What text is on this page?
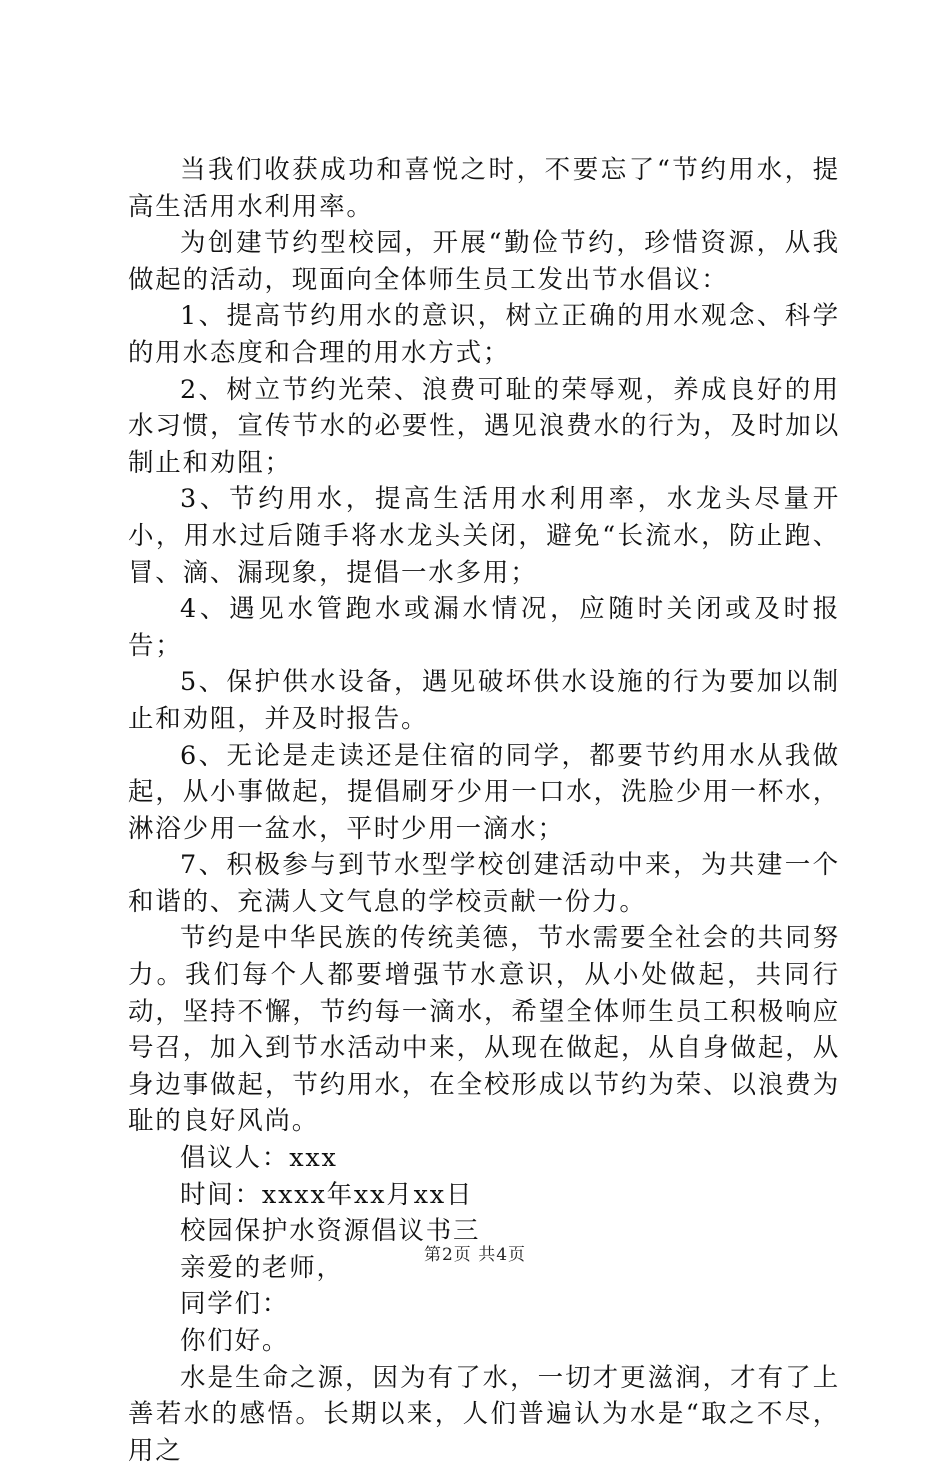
当我们收获成功和喜悦之时，不要忘了“节约用水，提高生活用水利用率。

为创建节约型校园，开展“勤俭节约，珍惜资源，从我做起的活动，现面向全体师生员工发出节水倡议：

1、提高节约用水的意识，树立正确的用水观念、科学的用水态度和合理的用水方式；

2、树立节约光荣、浪费可耻的荣辱观，养成良好的用水习惯，宣传节水的必要性，遇见浪费水的行为，及时加以制止和劝阻；

3、节约用水，提高生活用水利用率，水龙头尽量开小，用水过后随手将水龙头关闭，避免“长流水，防止跑、冒、滴、漏现象，提倡一水多用；

4、遇见水管跑水或漏水情况，应随时关闭或及时报告；

5、保护供水设备，遇见破坏供水设施的行为要加以制止和劝阻，并及时报告。

6、无论是走读还是住宿的同学，都要节约用水从我做起，从小事做起，提倡刷牙少用一口水，洗脸少用一杯水，淋浴少用一盆水，平时少用一滴水；

7、积极参与到节水型学校创建活动中来，为共建一个和谐的、充满人文气息的学校贡献一份力。

节约是中华民族的传统美德，节水需要全社会的共同努力。我们每个人都要增强节水意识，从小处做起，共同行动，坚持不懈，节约每一滴水，希望全体师生员工积极响应号召，加入到节水活动中来，从现在做起，从自身做起，从身边事做起，节约用水，在全校形成以节约为荣、以浪费为耻的良好风尚。

倡议人：xxx

时间：xxxx年xx月xx日

校园保护水资源倡议书三

亲爱的老师，

同学们：

你们好。

水是生命之源，因为有了水，一切才更滋润，才有了上善若水的感悟。长期以来，人们普遍认为水是“取之不尽，用之

第2页 共4页
